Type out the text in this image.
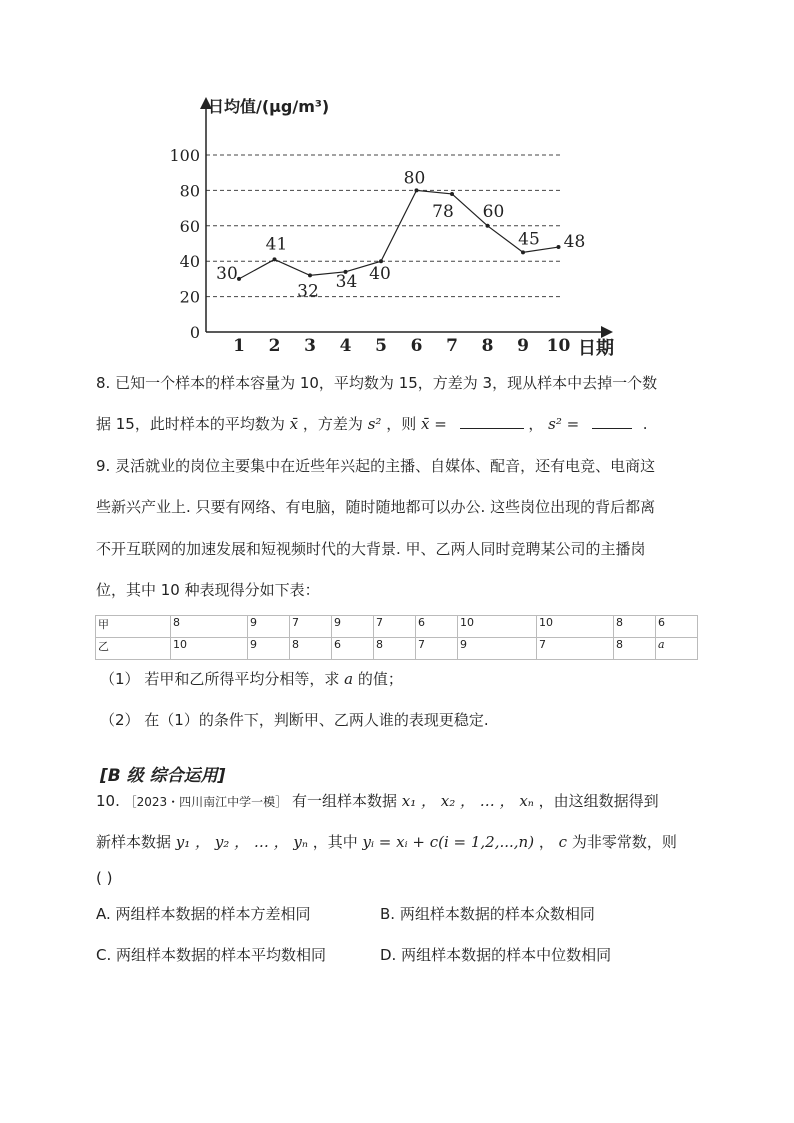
日均值/(μg/m³)
日期
0
20
40
60
80
100
1 2 3 4 5 6 7 8 9 10
30
41
32 34 40
80
78 60
45 48
8. 已知一个样本的样本容量为 10，平均数为 15，方差为 3，现从样本中去掉一个数
据 15，此时样本的平均数为 x̄ ，方差为 s² ，则 x̄ =	， s² =	.
9. 灵活就业的岗位主要集中在近些年兴起的主播、自媒体、配音，还有电竞、电商这
些新兴产业上. 只要有网络、有电脑，随时随地都可以办公. 这些岗位出现的背后都离
不开互联网的加速发展和短视频时代的大背景. 甲、乙两人同时竞聘某公司的主播岗
位，其中 10 种表现得分如下表：
甲	8	9	7	9	7	6	10	10	8	6
乙	10	9	8	6	8	7	9	7	8	a
（1） 若甲和乙所得平均分相等，求 a 的值；
（2） 在（1）的条件下，判断甲、乙两人谁的表现更稳定.
[B 级 综合运用]
10. ［2023・四川南江中学一模］ 有一组样本数据 x₁ ， x₂ ， … ， xₙ ，由这组数据得到
新样本数据 y₁ ， y₂ ， … ， yₙ ，其中 yᵢ = xᵢ + c(i = 1,2,...,n) ， c 为非零常数，则
( )
A. 两组样本数据的样本方差相同	B. 两组样本数据的样本众数相同
C. 两组样本数据的样本平均数相同	D. 两组样本数据的样本中位数相同
